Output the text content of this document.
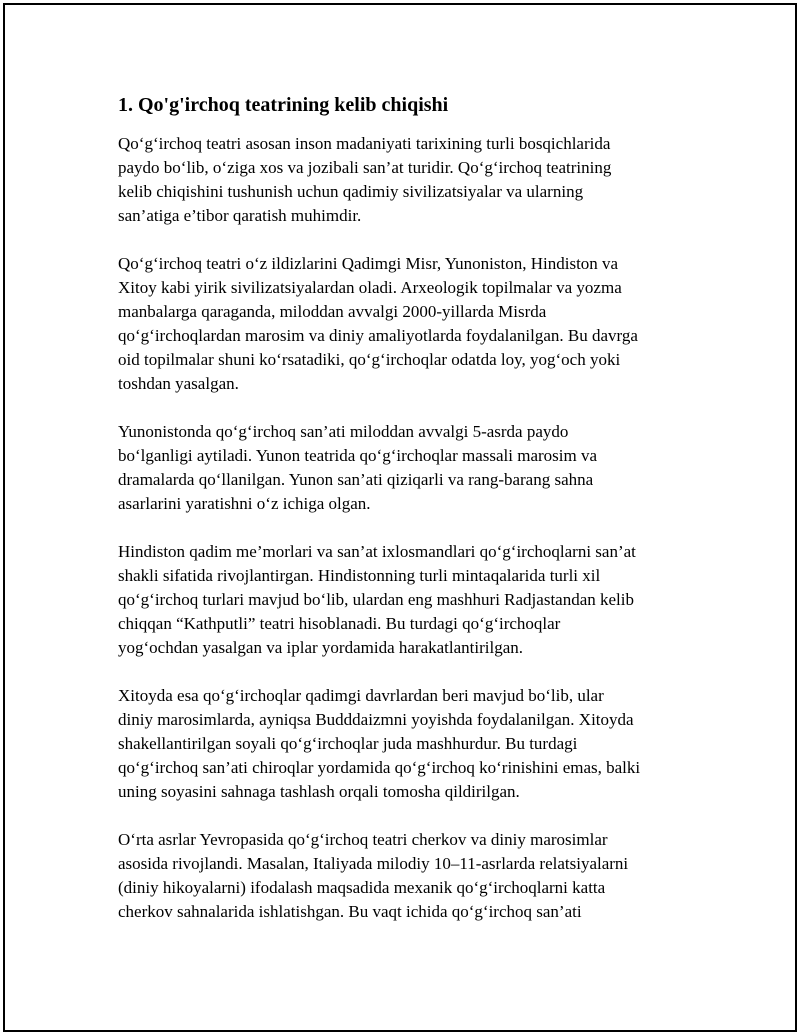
1. Qo'g'irchoq teatrining kelib chiqishi

Qo‘g‘irchoq teatri asosan inson madaniyati tarixining turli bosqichlarida
paydo bo‘lib, o‘ziga xos va jozibali san’at turidir. Qo‘g‘irchoq teatrining
kelib chiqishini tushunish uchun qadimiy sivilizatsiyalar va ularning
san’atiga e’tibor qaratish muhimdir.

Qo‘g‘irchoq teatri o‘z ildizlarini Qadimgi Misr, Yunoniston, Hindiston va
Xitoy kabi yirik sivilizatsiyalardan oladi. Arxeologik topilmalar va yozma
manbalarga qaraganda, miloddan avvalgi 2000-yillarda Misrda
qo‘g‘irchoqlardan marosim va diniy amaliyotlarda foydalanilgan. Bu davrga
oid topilmalar shuni ko‘rsatadiki, qo‘g‘irchoqlar odatda loy, yog‘och yoki
toshdan yasalgan.

Yunonistonda qo‘g‘irchoq san’ati miloddan avvalgi 5-asrda paydo
bo‘lganligi aytiladi. Yunon teatrida qo‘g‘irchoqlar massali marosim va
dramalarda qo‘llanilgan. Yunon san’ati qiziqarli va rang-barang sahna
asarlarini yaratishni o‘z ichiga olgan.

Hindiston qadim me’morlari va san’at ixlosmandlari qo‘g‘irchoqlarni san’at
shakli sifatida rivojlantirgan. Hindistonning turli mintaqalarida turli xil
qo‘g‘irchoq turlari mavjud bo‘lib, ulardan eng mashhuri Radjastandan kelib
chiqqan “Kathputli” teatri hisoblanadi. Bu turdagi qo‘g‘irchoqlar
yog‘ochdan yasalgan va iplar yordamida harakatlantirilgan.

Xitoyda esa qo‘g‘irchoqlar qadimgi davrlardan beri mavjud bo‘lib, ular
diniy marosimlarda, ayniqsa Budddaizmni yoyishda foydalanilgan. Xitoyda
shakellantirilgan soyali qo‘g‘irchoqlar juda mashhurdur. Bu turdagi
qo‘g‘irchoq san’ati chiroqlar yordamida qo‘g‘irchoq ko‘rinishini emas, balki
uning soyasini sahnaga tashlash orqali tomosha qildirilgan.

O‘rta asrlar Yevropasida qo‘g‘irchoq teatri cherkov va diniy marosimlar
asosida rivojlandi. Masalan, Italiyada milodiy 10–11-asrlarda relatsiyalarni
(diniy hikoyalarni) ifodalash maqsadida mexanik qo‘g‘irchoqlarni katta
cherkov sahnalarida ishlatishgan. Bu vaqt ichida qo‘g‘irchoq san’ati
